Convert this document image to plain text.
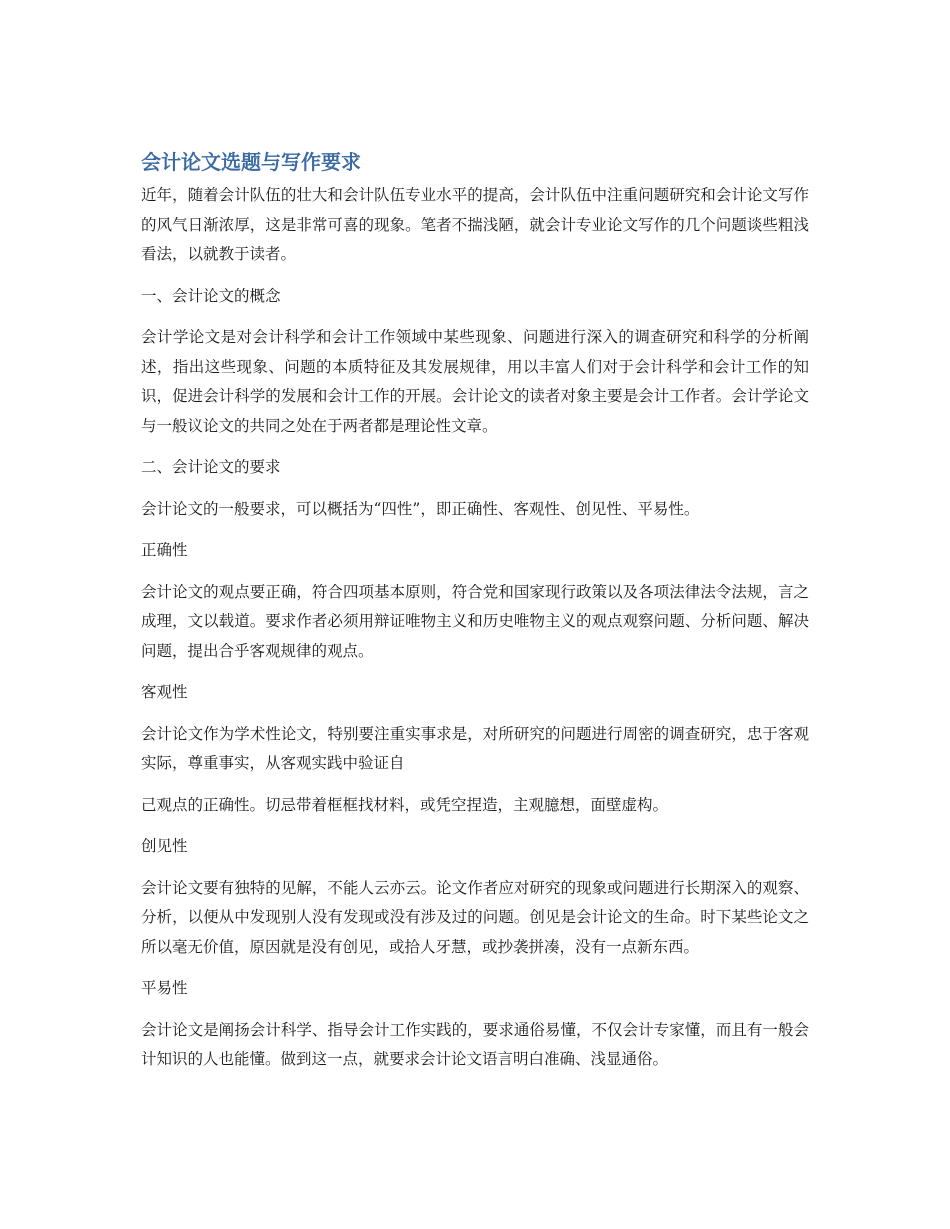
会计论文选题与写作要求

近年，随着会计队伍的壮大和会计队伍专业水平的提高，会计队伍中注重问题研究和会计论文写作的风气日渐浓厚，这是非常可喜的现象。笔者不揣浅陋，就会计专业论文写作的几个问题谈些粗浅看法，以就教于读者。

一、会计论文的概念

会计学论文是对会计科学和会计工作领域中某些现象、问题进行深入的调查研究和科学的分析阐述，指出这些现象、问题的本质特征及其发展规律，用以丰富人们对于会计科学和会计工作的知识，促进会计科学的发展和会计工作的开展。会计论文的读者对象主要是会计工作者。会计学论文与一般议论文的共同之处在于两者都是理论性文章。

二、会计论文的要求

会计论文的一般要求，可以概括为“四性”，即正确性、客观性、创见性、平易性。

正确性

会计论文的观点要正确，符合四项基本原则，符合党和国家现行政策以及各项法律法令法规，言之成理，文以载道。要求作者必须用辩证唯物主义和历史唯物主义的观点观察问题、分析问题、解决问题，提出合乎客观规律的观点。

客观性

会计论文作为学术性论文，特别要注重实事求是，对所研究的问题进行周密的调查研究，忠于客观实际，尊重事实，从客观实践中验证自

己观点的正确性。切忌带着框框找材料，或凭空捏造，主观臆想，面壁虚构。

创见性

会计论文要有独特的见解，不能人云亦云。论文作者应对研究的现象或问题进行长期深入的观察、分析，以便从中发现别人没有发现或没有涉及过的问题。创见是会计论文的生命。时下某些论文之所以毫无价值，原因就是没有创见，或拾人牙慧，或抄袭拼凑，没有一点新东西。

平易性

会计论文是阐扬会计科学、指导会计工作实践的，要求通俗易懂，不仅会计专家懂，而且有一般会计知识的人也能懂。做到这一点，就要求会计论文语言明白准确、浅显通俗。
